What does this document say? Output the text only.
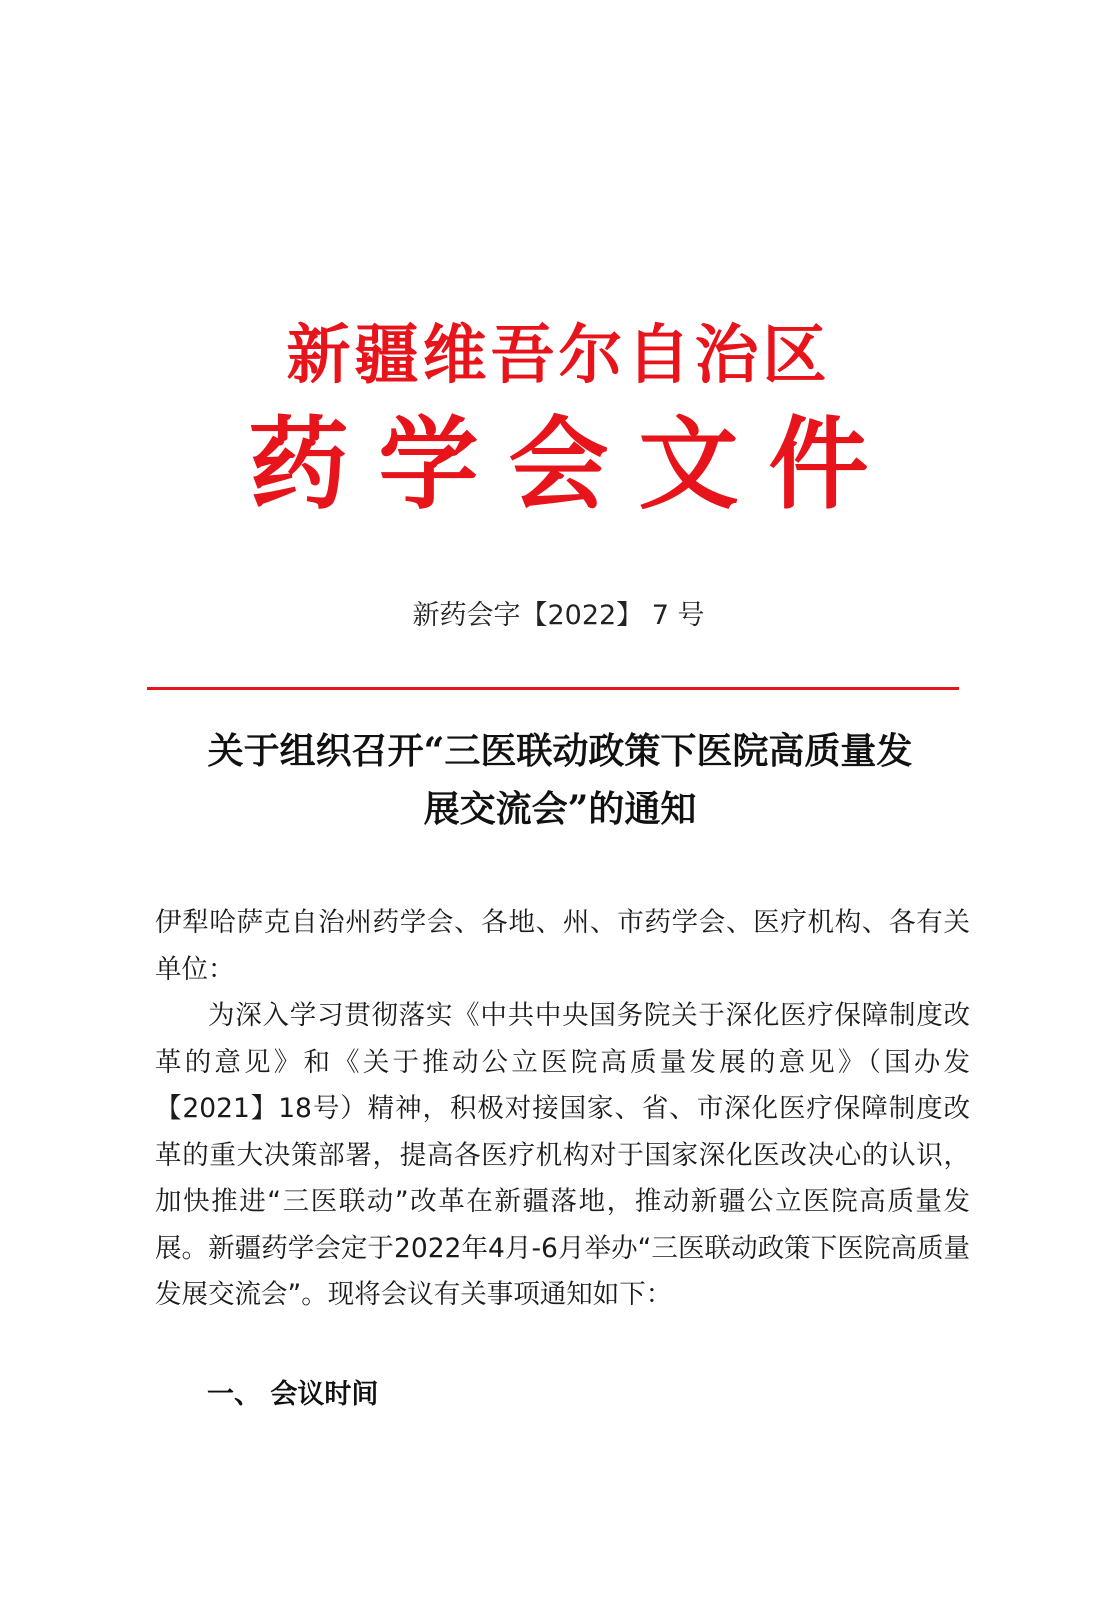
新疆维吾尔自治区
药 学 会 文 件
新药会字【2022】 7 号
关于组织召开“三医联动政策下医院高质量发
展交流会”的通知

伊犁哈萨克自治州药学会、各地、州、市药学会、医疗机构、各有关单位：

为深入学习贯彻落实《中共中央国务院关于深化医疗保障制度改革的意见》和《关于推动公立医院高质量发展的意见》（国办发【2021】18号）精神，积极对接国家、省、市深化医疗保障制度改革的重大决策部署，提高各医疗机构对于国家深化医改决心的认识，加快推进“三医联动”改革在新疆落地，推动新疆公立医院高质量发展。新疆药学会定于2022年4月-6月举办“三医联动政策下医院高质量发展交流会”。现将会议有关事项通知如下：

一、 会议时间
